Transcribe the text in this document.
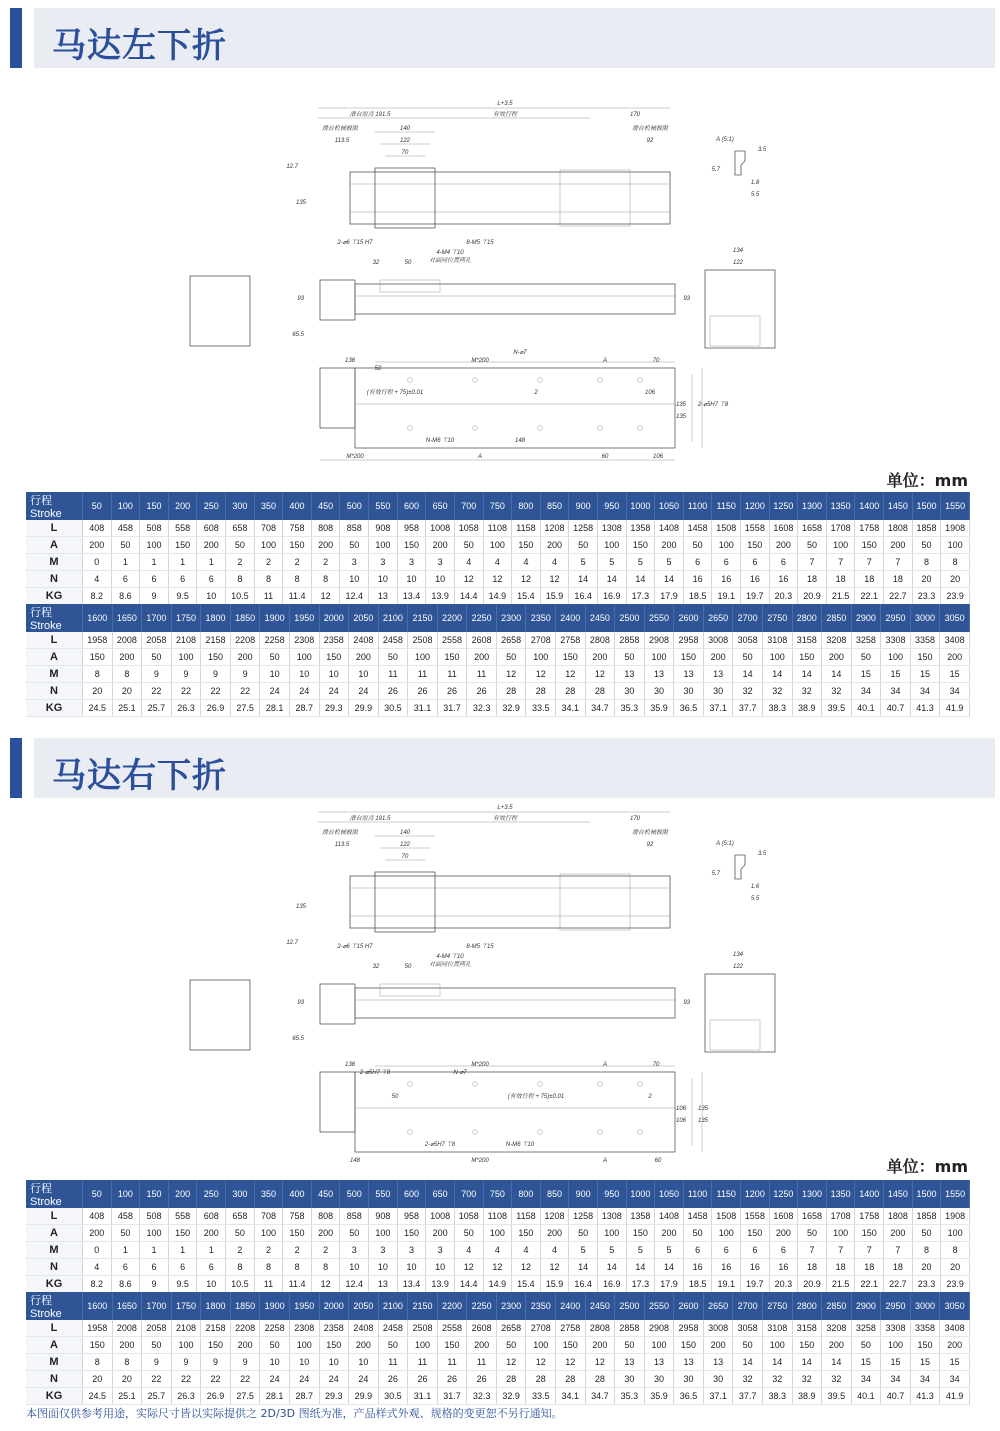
马达左下折
L+3.5
滑台原点 191.5	有效行程	170
滑台机械极限
113.5
140
122
70
滑台机械极限
92
12.7
135
2-⌀6 ⊤15 H7	8-M5 ⊤15
4-M4 ⊤10
对面同位置两孔
A (5:1)
3.5
5.7
1.8
5.5
32	50
93
134
122
93
65.5
N-⌀7
138	M*200	A	70
50
(有效行程 + 75)±0.01	2	106
135 2-⌀5H7 ⊤8
N-M6 ⊤10	148
M*200	A	60	106
135
单位：mm
行程 Stroke	50	100	150	200	250	300	350	400	450	500	550	600	650	700	750	800	850	900	950	1000	1050	1100	1150	1200	1250	1300	1350	1400	1450	1500	1550
L	408	458	508	558	608	658	708	758	808	858	908	958	1008	1058	1108	1158	1208	1258	1308	1358	1408	1458	1508	1558	1608	1658	1708	1758	1808	1858	1908
A	200	50	100	150	200	50	100	150	200	50	100	150	200	50	100	150	200	50	100	150	200	50	100	150	200	50	100	150	200	50	100
M	0	1	1	1	1	2	2	2	2	3	3	3	3	4	4	4	4	5	5	5	5	6	6	6	6	7	7	7	7	8	8
N	4	6	6	6	6	8	8	8	8	10	10	10	10	12	12	12	12	14	14	14	14	16	16	16	16	18	18	18	18	20	20
KG	8.2	8.6	9	9.5	10	10.5	11	11.4	12	12.4	13	13.4	13.9	14.4	14.9	15.4	15.9	16.4	16.9	17.3	17.9	18.5	19.1	19.7	20.3	20.9	21.5	22.1	22.7	23.3	23.9
行程 Stroke	1600	1650	1700	1750	1800	1850	1900	1950	2000	2050	2100	2150	2200	2250	2300	2350	2400	2450	2500	2550	2600	2650	2700	2750	2800	2850	2900	2950	3000	3050
L	1958	2008	2058	2108	2158	2208	2258	2308	2358	2408	2458	2508	2558	2608	2658	2708	2758	2808	2858	2908	2958	3008	3058	3108	3158	3208	3258	3308	3358	3408
A	150	200	50	100	150	200	50	100	150	200	50	100	150	200	50	100	150	200	50	100	150	200	50	100	150	200	50	100	150	200
M	8	8	9	9	9	9	10	10	10	10	11	11	11	11	12	12	12	12	13	13	13	13	14	14	14	14	15	15	15	15
N	20	20	22	22	22	22	24	24	24	24	26	26	26	26	28	28	28	28	30	30	30	30	32	32	32	32	34	34	34	34
KG	24.5	25.1	25.7	26.3	26.9	27.5	28.1	28.7	29.3	29.9	30.5	31.1	31.7	32.3	32.9	33.5	34.1	34.7	35.3	35.9	36.5	37.1	37.7	38.3	38.9	39.5	40.1	40.7	41.3	41.9
马达右下折
L+3.5
滑台原点 191.5	有效行程	170
滑台机械极限
113.5
140
122
70
滑台机械极限
92
135
12.7
2-⌀6 ⊤15 H7	8-M5 ⊤15
4-M4 ⊤10
对面同位置两孔
A (5:1)
3.5
5.7
1.6
5.5
32	50
93
134
122
93
65.5
138	M*200	A	70
2-⌀5H7 ⊤8	N-⌀7
50	(有效行程 + 75)±0.01	2
106 135
2-⌀5H7 ⊤8	N-M6 ⊤10
148	M*200	A	60
106 135
单位：mm
行程 Stroke	50	100	150	200	250	300	350	400	450	500	550	600	650	700	750	800	850	900	950	1000	1050	1100	1150	1200	1250	1300	1350	1400	1450	1500	1550
L	408	458	508	558	608	658	708	758	808	858	908	958	1008	1058	1108	1158	1208	1258	1308	1358	1408	1458	1508	1558	1608	1658	1708	1758	1808	1858	1908
A	200	50	100	150	200	50	100	150	200	50	100	150	200	50	100	150	200	50	100	150	200	50	100	150	200	50	100	150	200	50	100
M	0	1	1	1	1	2	2	2	2	3	3	3	3	4	4	4	4	5	5	5	5	6	6	6	6	7	7	7	7	8	8
N	4	6	6	6	6	8	8	8	8	10	10	10	10	12	12	12	12	14	14	14	14	16	16	16	16	18	18	18	18	20	20
KG	8.2	8.6	9	9.5	10	10.5	11	11.4	12	12.4	13	13.4	13.9	14.4	14.9	15.4	15.9	16.4	16.9	17.3	17.9	18.5	19.1	19.7	20.3	20.9	21.5	22.1	22.7	23.3	23.9
行程 Stroke	1600	1650	1700	1750	1800	1850	1900	1950	2000	2050	2100	2150	2200	2250	2300	2350	2400	2450	2500	2550	2600	2650	2700	2750	2800	2850	2900	2950	3000	3050
L	1958	2008	2058	2108	2158	2208	2258	2308	2358	2408	2458	2508	2558	2608	2658	2708	2758	2808	2858	2908	2958	3008	3058	3108	3158	3208	3258	3308	3358	3408
A	150	200	50	100	150	200	50	100	150	200	50	100	150	200	50	100	150	200	50	100	150	200	50	100	150	200	50	100	150	200
M	8	8	9	9	9	9	10	10	10	10	11	11	11	11	12	12	12	12	13	13	13	13	14	14	14	14	15	15	15	15
N	20	20	22	22	22	22	24	24	24	24	26	26	26	26	28	28	28	28	30	30	30	30	32	32	32	32	34	34	34	34
KG	24.5	25.1	25.7	26.3	26.9	27.5	28.1	28.7	29.3	29.9	30.5	31.1	31.7	32.3	32.9	33.5	34.1	34.7	35.3	35.9	36.5	37.1	37.7	38.3	38.9	39.5	40.1	40.7	41.3	41.9
本图面仅供参考用途，实际尺寸皆以实际提供之 2D/3D 图纸为准，产品样式外观、规格的变更恕不另行通知。
